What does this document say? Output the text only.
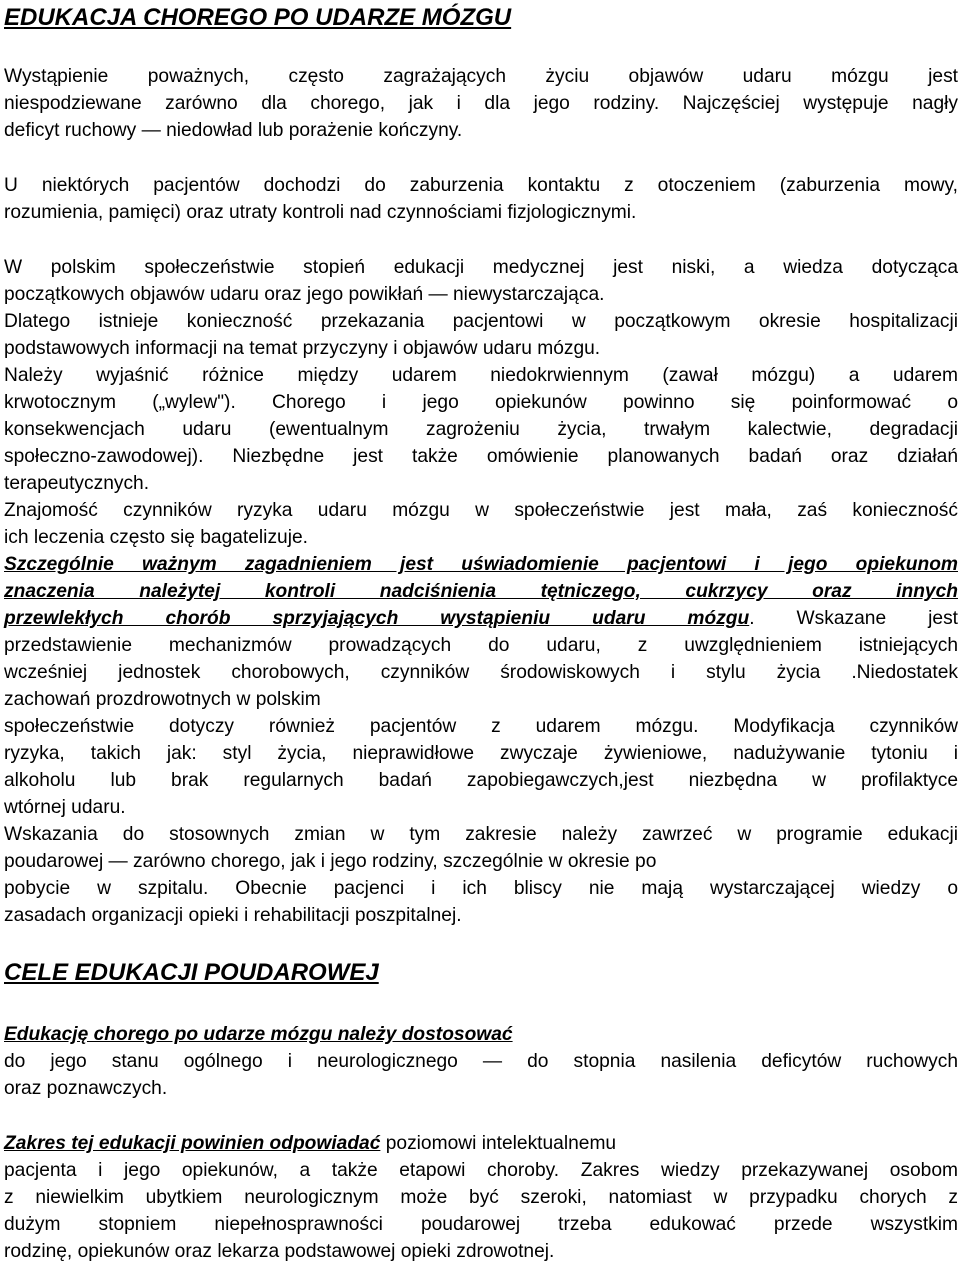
EDUKACJA CHOREGO PO UDARZE MÓZGU
Wystąpienie poważnych, często zagrażających życiu objawów udaru mózgu jest
niespodziewane zarówno dla chorego, jak i dla jego rodziny. Najczęściej występuje nagły
deficyt ruchowy — niedowład lub porażenie kończyny.
U niektórych pacjentów dochodzi do zaburzenia kontaktu z otoczeniem (zaburzenia mowy,
rozumienia, pamięci) oraz utraty kontroli nad czynnościami fizjologicznymi.
W polskim społeczeństwie stopień edukacji medycznej jest niski, a wiedza dotycząca
początkowych objawów udaru oraz jego powikłań — niewystarczająca.
Dlatego istnieje konieczność przekazania pacjentowi w początkowym okresie hospitalizacji
podstawowych informacji na temat przyczyny i objawów udaru mózgu.
Należy wyjaśnić różnice między udarem niedokrwiennym (zawał mózgu) a udarem
krwotocznym („wylew"). Chorego i jego opiekunów powinno się poinformować o
konsekwencjach udaru (ewentualnym zagrożeniu życia, trwałym kalectwie, degradacji
społeczno-zawodowej). Niezbędne jest także omówienie planowanych badań oraz działań
terapeutycznych.
Znajomość czynników ryzyka udaru mózgu w społeczeństwie jest mała, zaś konieczność
ich leczenia często się bagatelizuje.
Szczególnie ważnym zagadnieniem jest uświadomienie pacjentowi i jego opiekunom
znaczenia należytej kontroli nadciśnienia tętniczego, cukrzycy oraz innych
przewlekłych chorób sprzyjających wystąpieniu udaru mózgu. Wskazane jest
przedstawienie mechanizmów prowadzących do udaru, z uwzględnieniem istniejących
wcześniej jednostek chorobowych, czynników środowiskowych i stylu życia .Niedostatek
zachowań prozdrowotnych w polskim
społeczeństwie dotyczy również pacjentów z udarem mózgu. Modyfikacja czynników
ryzyka, takich jak: styl życia, nieprawidłowe zwyczaje żywieniowe, nadużywanie tytoniu i
alkoholu lub brak regularnych badań zapobiegawczych,jest niezbędna w profilaktyce
wtórnej udaru.
Wskazania do stosownych zmian w tym zakresie należy zawrzeć w programie edukacji
poudarowej — zarówno chorego, jak i jego rodziny, szczególnie w okresie po
pobycie w szpitalu. Obecnie pacjenci i ich bliscy nie mają wystarczającej wiedzy o
zasadach organizacji opieki i rehabilitacji poszpitalnej.
CELE EDUKACJI POUDAROWEJ
Edukację chorego po udarze mózgu należy dostosować
do jego stanu ogólnego i neurologicznego — do stopnia nasilenia deficytów ruchowych
oraz poznawczych.
Zakres tej edukacji powinien odpowiadać poziomowi intelektualnemu
pacjenta i jego opiekunów, a także etapowi choroby. Zakres wiedzy przekazywanej osobom
z niewielkim ubytkiem neurologicznym może być szeroki, natomiast w przypadku chorych z
dużym stopniem niepełnosprawności poudarowej trzeba edukować przede wszystkim
rodzinę, opiekunów oraz lekarza podstawowej opieki zdrowotnej.
